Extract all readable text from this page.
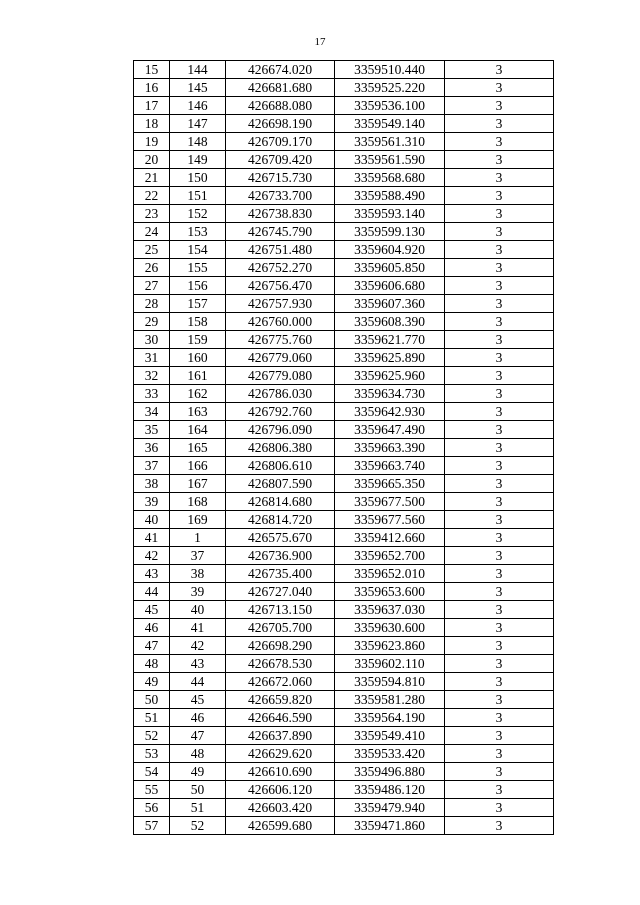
17
15	144	426674.020	3359510.440	3
16	145	426681.680	3359525.220	3
17	146	426688.080	3359536.100	3
18	147	426698.190	3359549.140	3
19	148	426709.170	3359561.310	3
20	149	426709.420	3359561.590	3
21	150	426715.730	3359568.680	3
22	151	426733.700	3359588.490	3
23	152	426738.830	3359593.140	3
24	153	426745.790	3359599.130	3
25	154	426751.480	3359604.920	3
26	155	426752.270	3359605.850	3
27	156	426756.470	3359606.680	3
28	157	426757.930	3359607.360	3
29	158	426760.000	3359608.390	3
30	159	426775.760	3359621.770	3
31	160	426779.060	3359625.890	3
32	161	426779.080	3359625.960	3
33	162	426786.030	3359634.730	3
34	163	426792.760	3359642.930	3
35	164	426796.090	3359647.490	3
36	165	426806.380	3359663.390	3
37	166	426806.610	3359663.740	3
38	167	426807.590	3359665.350	3
39	168	426814.680	3359677.500	3
40	169	426814.720	3359677.560	3
41	1	426575.670	3359412.660	3
42	37	426736.900	3359652.700	3
43	38	426735.400	3359652.010	3
44	39	426727.040	3359653.600	3
45	40	426713.150	3359637.030	3
46	41	426705.700	3359630.600	3
47	42	426698.290	3359623.860	3
48	43	426678.530	3359602.110	3
49	44	426672.060	3359594.810	3
50	45	426659.820	3359581.280	3
51	46	426646.590	3359564.190	3
52	47	426637.890	3359549.410	3
53	48	426629.620	3359533.420	3
54	49	426610.690	3359496.880	3
55	50	426606.120	3359486.120	3
56	51	426603.420	3359479.940	3
57	52	426599.680	3359471.860	3
